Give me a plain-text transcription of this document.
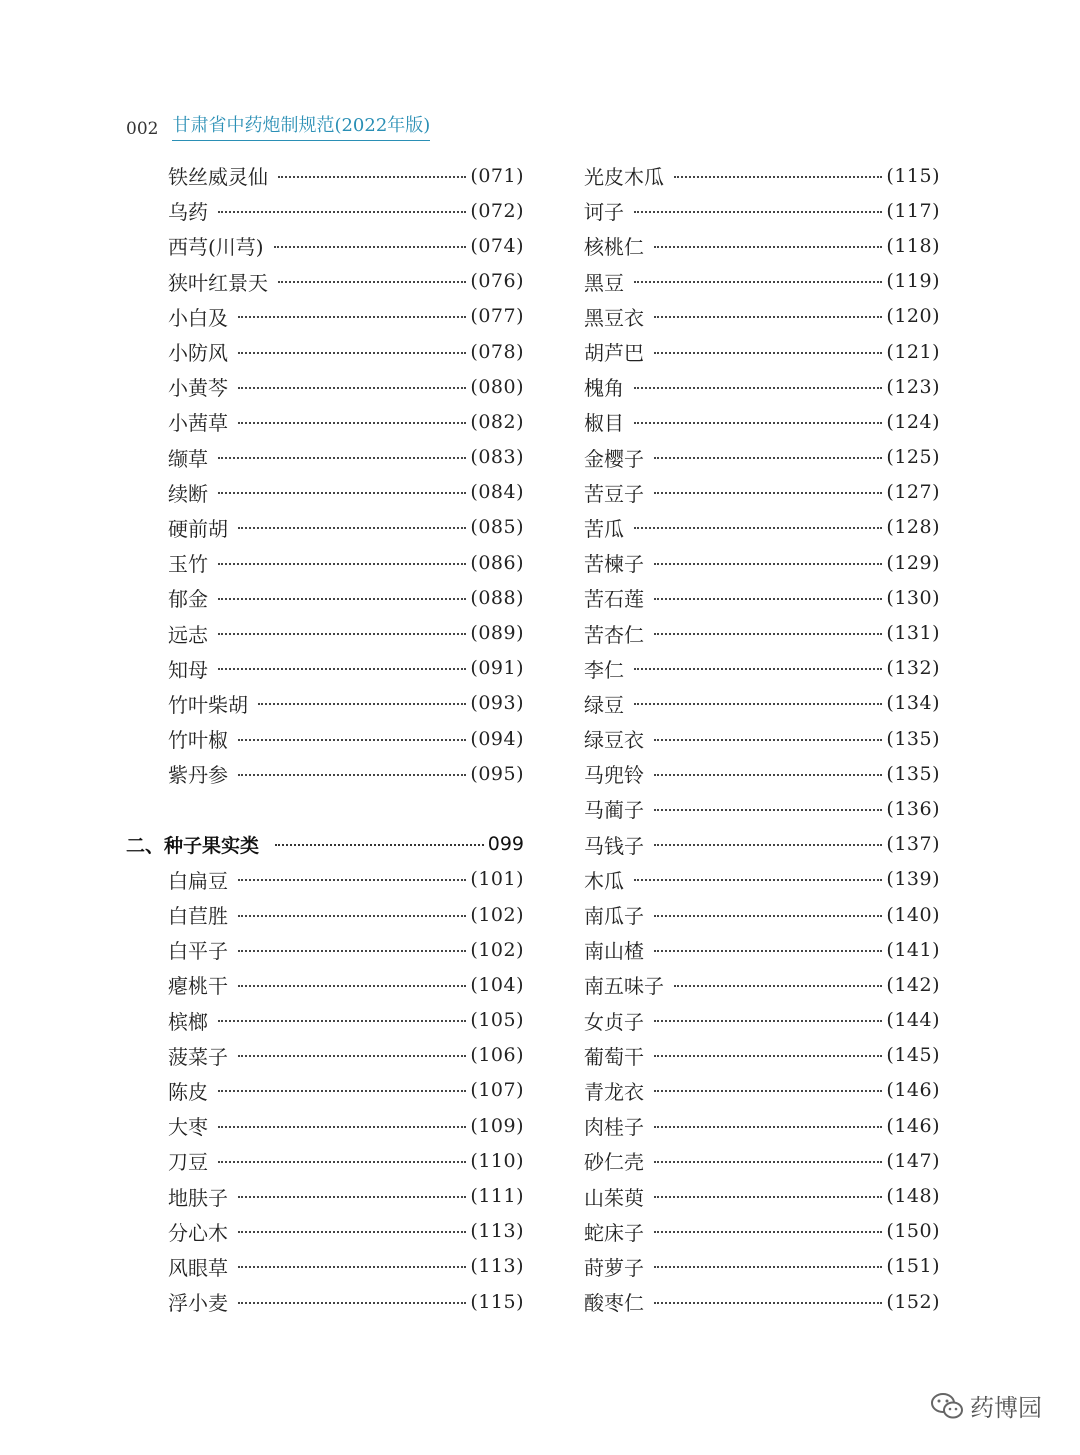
002 甘肃省中药炮制规范(2022年版)
铁丝威灵仙	(071)
乌药	(072)
西芎(川芎)	(074)
狭叶红景天	(076)
小白及	(077)
小防风	(078)
小黄芩	(080)
小茜草	(082)
缬草	(083)
续断	(084)
硬前胡	(085)
玉竹	(086)
郁金	(088)
远志	(089)
知母	(091)
竹叶柴胡	(093)
竹叶椒	(094)
紫丹参	(095)
二、种子果实类	099
白扁豆	(101)
白苣胜	(102)
白平子	(102)
瘪桃干	(104)
槟榔	(105)
菠菜子	(106)
陈皮	(107)
大枣	(109)
刀豆	(110)
地肤子	(111)
分心木	(113)
风眼草	(113)
浮小麦	(115)
光皮木瓜	(115)
诃子	(117)
核桃仁	(118)
黑豆	(119)
黑豆衣	(120)
胡芦巴	(121)
槐角	(123)
椒目	(124)
金樱子	(125)
苦豆子	(127)
苦瓜	(128)
苦楝子	(129)
苦石莲	(130)
苦杏仁	(131)
李仁	(132)
绿豆	(134)
绿豆衣	(135)
马兜铃	(135)
马蔺子	(136)
马钱子	(137)
木瓜	(139)
南瓜子	(140)
南山楂	(141)
南五味子	(142)
女贞子	(144)
葡萄干	(145)
青龙衣	(146)
肉桂子	(146)
砂仁壳	(147)
山茱萸	(148)
蛇床子	(150)
莳萝子	(151)
酸枣仁	(152)
药博园
